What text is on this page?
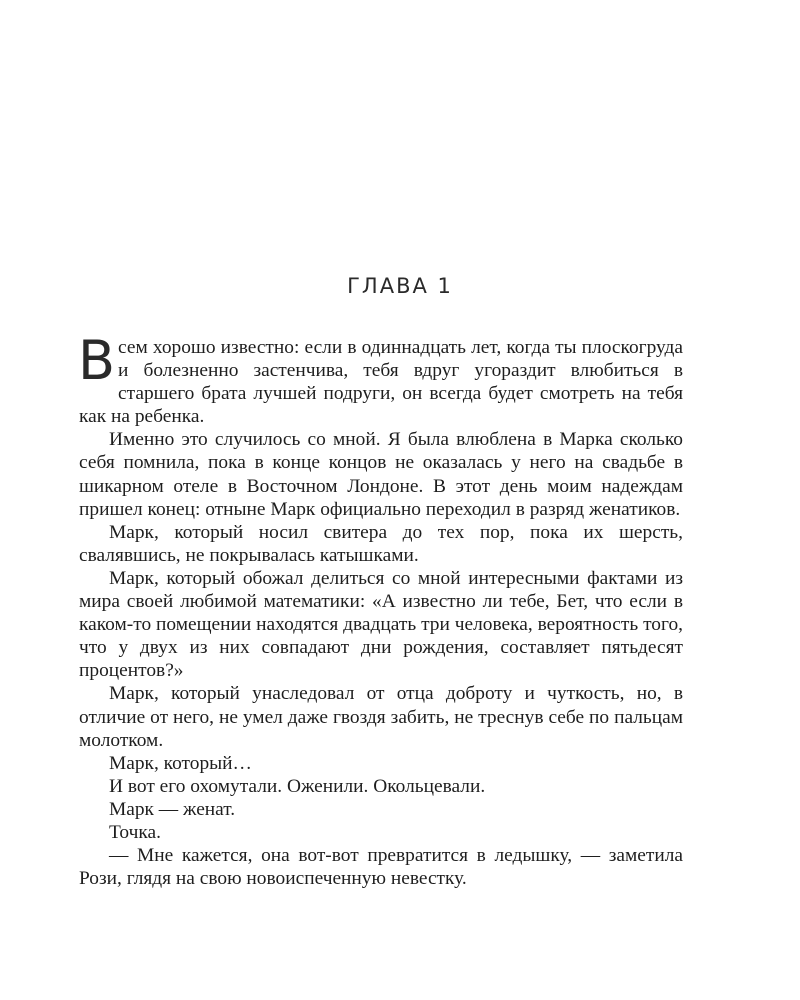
ГЛАВА 1

Всем хорошо известно: если в одиннадцать лет, когда ты плоскогруда и болезненно застенчива, тебя вдруг угораздит влюбиться в старшего брата лучшей подруги, он всегда будет смотреть на тебя как на ребенка.

Именно это случилось со мной. Я была влюблена в Марка сколько себя помнила, пока в конце концов не оказалась у него на свадьбе в шикарном отеле в Восточном Лондоне. В этот день моим надеждам пришел конец: отныне Марк официально переходил в разряд женатиков.

Марк, который носил свитера до тех пор, пока их шерсть, свалявшись, не покрывалась катышками.

Марк, который обожал делиться со мной интересными фактами из мира своей любимой математики: «А известно ли тебе, Бет, что если в каком-то помещении находятся двадцать три человека, вероятность того, что у двух из них совпадают дни рождения, составляет пятьдесят процентов?»

Марк, который унаследовал от отца доброту и чуткость, но, в отличие от него, не умел даже гвоздя забить, не треснув себе по пальцам молотком.

Марк, который…

И вот его охомутали. Оженили. Окольцевали.

Марк — женат.

Точка.

— Мне кажется, она вот-вот превратится в ледышку, — заметила Рози, глядя на свою новоиспеченную невестку.
